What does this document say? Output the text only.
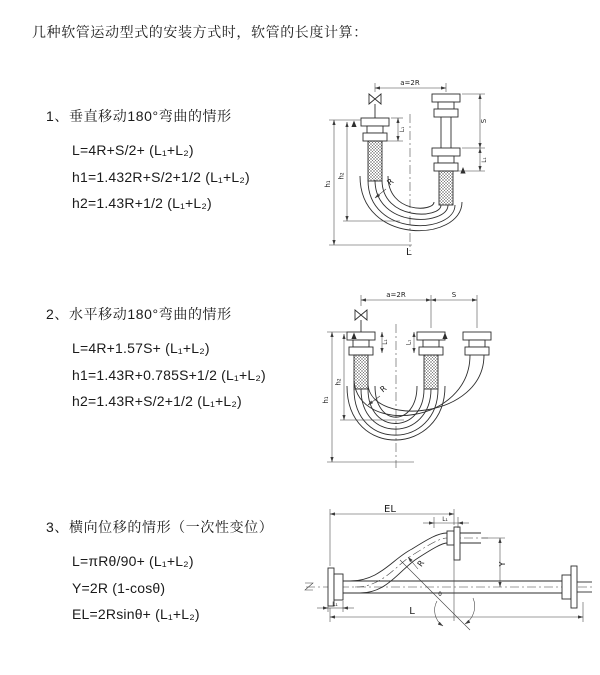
几种软管运动型式的安装方式时，软管的长度计算：
1、垂直移动180°弯曲的情形
L=4R+S/2+ (L₁+L₂)
h1=1.432R+S/2+1/2 (L₁+L₂)
h2=1.43R+1/2 (L₁+L₂)
a=2R
h₁
h₂
L₁
S
L₁
R
L
2、水平移动180°弯曲的情形
L=4R+1.57S+ (L₁+L₂)
h1=1.43R+0.785S+1/2 (L₁+L₂)
h2=1.43R+S/2+1/2 (L₁+L₂)
a=2R	S
h₁
h₂
L₁	L₁
R
3、横向位移的情形（一次性变位）
L=πRθ/90+ (L₁+L₂)
Y=2R (1-cosθ)
EL=2Rsinθ+ (L₁+L₂)
EL
L₁
Y
θ
R
L
L₁
